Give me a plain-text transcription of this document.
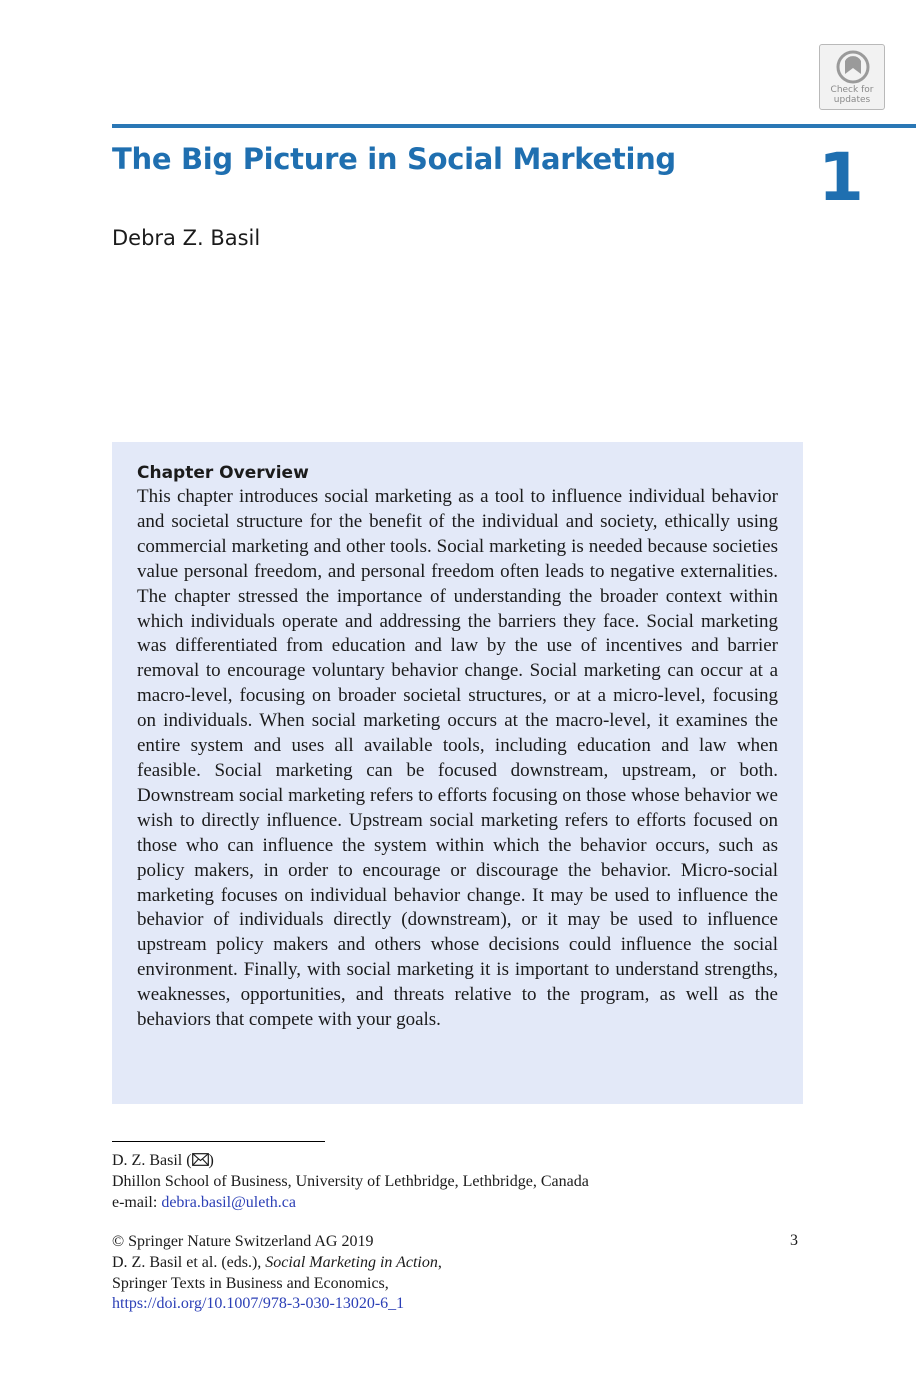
Check for
updates
The Big Picture in Social Marketing 1
Debra Z. Basil
Chapter Overview

This chapter introduces social marketing as a tool to influence individual behavior and societal structure for the benefit of the individual and society, ethically using commercial marketing and other tools. Social marketing is needed because societies value personal freedom, and personal freedom often leads to negative externalities. The chapter stressed the importance of understanding the broader context within which individuals operate and addressing the barriers they face. Social marketing was differentiated from education and law by the use of incentives and barrier removal to encourage voluntary behavior change. Social marketing can occur at a macro-level, focusing on broader societal structures, or at a micro-level, focusing on individuals. When social marketing occurs at the macro-level, it examines the entire system and uses all available tools, including education and law when feasible. Social marketing can be focused downstream, upstream, or both. Downstream social marketing refers to efforts focusing on those whose behavior we wish to directly influence. Upstream social marketing refers to efforts focused on those who can influence the system within which the behavior occurs, such as policy makers, in order to encourage or discourage the behavior. Micro-social marketing focuses on individual behavior change. It may be used to influence the behavior of individuals directly (downstream), or it may be used to influence upstream policy makers and others whose decisions could influence the social environment. Finally, with social marketing it is important to understand strengths, weaknesses, opportunities, and threats relative to the program, as well as the behaviors that compete with your goals.

D. Z. Basil ( )
Dhillon School of Business, University of Lethbridge, Lethbridge, Canada
e-mail: debra.basil@uleth.ca
© Springer Nature Switzerland AG 2019	3
D. Z. Basil et al. (eds.), Social Marketing in Action,
Springer Texts in Business and Economics,
https://doi.org/10.1007/978-3-030-13020-6_1
